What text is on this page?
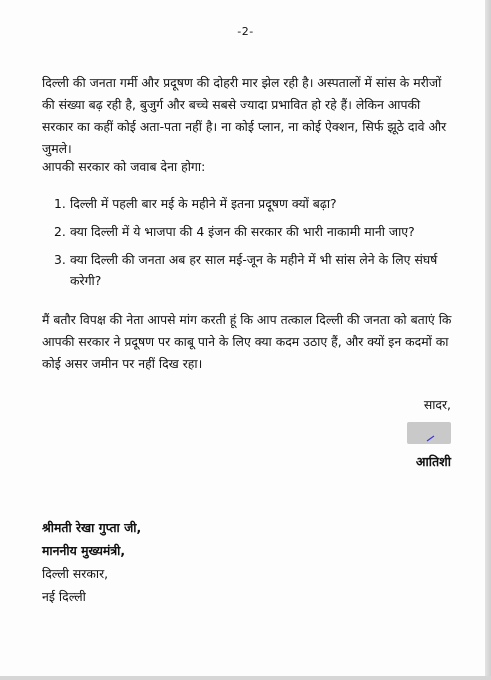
-2-

दिल्ली की जनता गर्मी और प्रदूषण की दोहरी मार झेल रही है। अस्पतालों में सांस के मरीजों की संख्या बढ़ रही है, बुजुर्ग और बच्चे सबसे ज्यादा प्रभावित हो रहे हैं। लेकिन आपकी सरकार का कहीं कोई अता-पता नहीं है। ना कोई प्लान, ना कोई ऐक्शन, सिर्फ झूठे दावे और जुमले।

आपकी सरकार को जवाब देना होगा:

1. दिल्ली में पहली बार मई के महीने में इतना प्रदूषण क्यों बढ़ा?
2. क्या दिल्ली में ये भाजपा की 4 इंजन की सरकार की भारी नाकामी मानी जाए?
3. क्या दिल्ली की जनता अब हर साल मई-जून के महीने में भी सांस लेने के लिए संघर्ष करेगी?

मैं बतौर विपक्ष की नेता आपसे मांग करती हूं कि आप तत्काल दिल्ली की जनता को बताएं कि आपकी सरकार ने प्रदूषण पर काबू पाने के लिए क्या कदम उठाए हैं, और क्यों इन कदमों का कोई असर जमीन पर नहीं दिख रहा।

सादर,
आतिशी
श्रीमती रेखा गुप्ता जी,
माननीय मुख्यमंत्री,
दिल्ली सरकार,
नई दिल्ली
